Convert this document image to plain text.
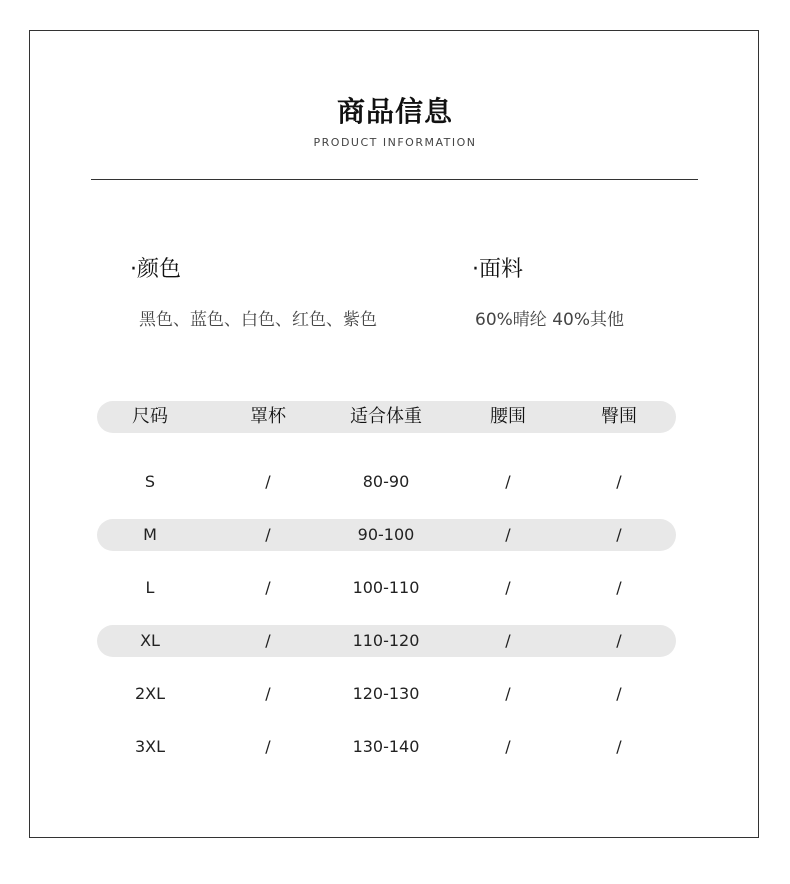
商品信息
PRODUCT INFORMATION
·颜色
黑色、蓝色、白色、红色、紫色
·面料
60%晴纶 40%其他
尺码	罩杯	适合体重	腰围	臀围
S	/	80-90	/	/
M	/	90-100	/	/
L	/	100-110	/	/
XL	/	110-120	/	/
2XL	/	120-130	/	/
3XL	/	130-140	/	/
